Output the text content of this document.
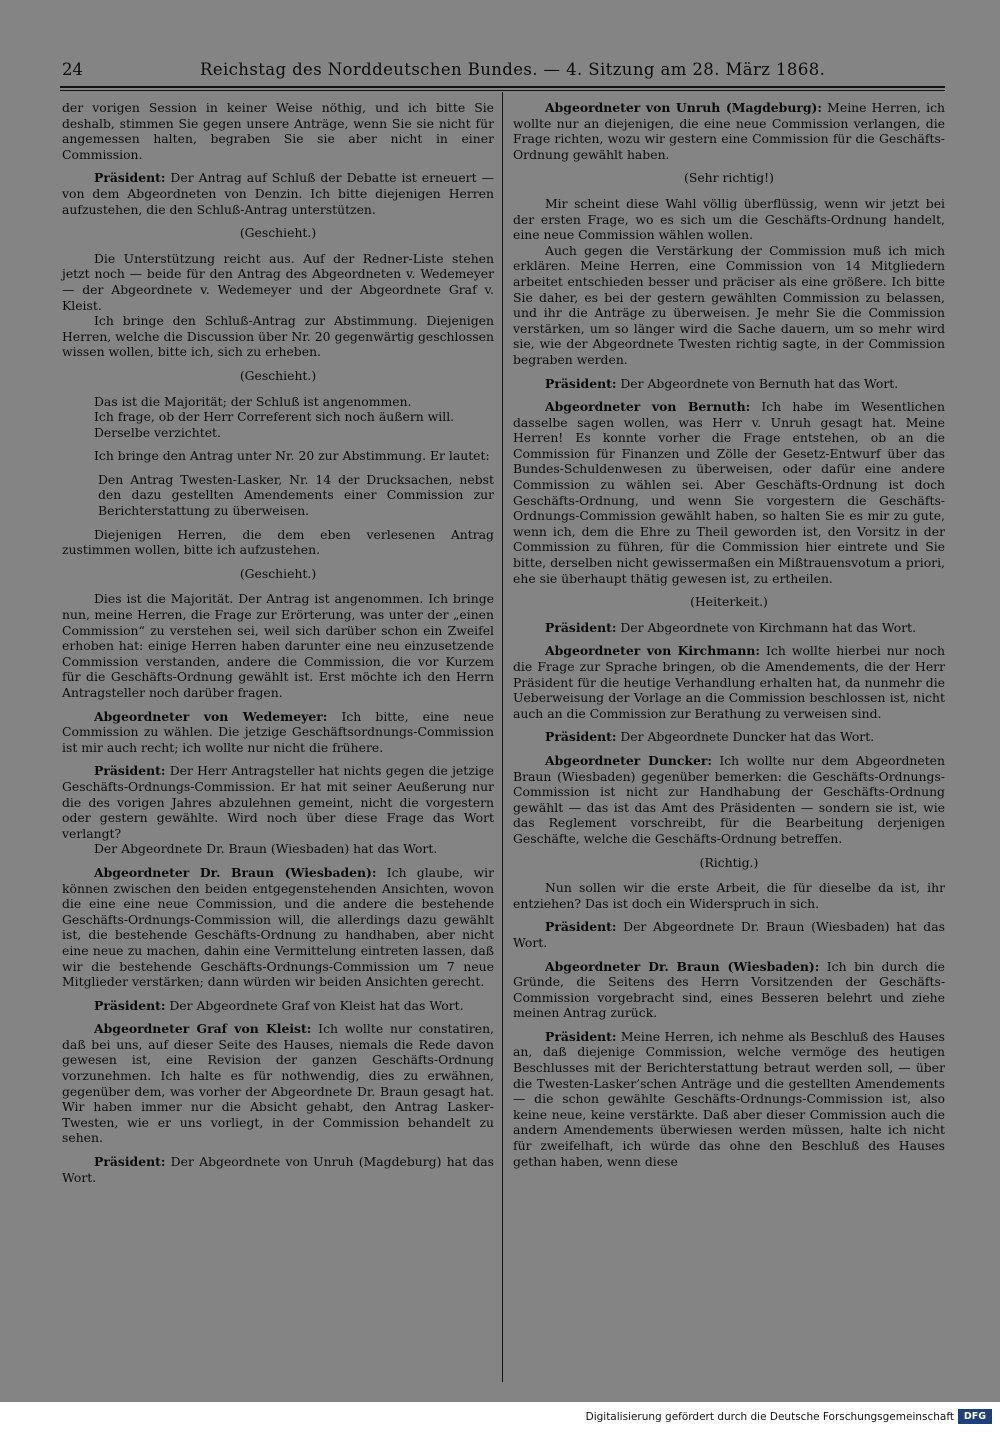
24	Reichstag des Norddeutschen Bundes. — 4. Sitzung am 28. März 1868.

der vorigen Session in keiner Weise nöthig, und ich bitte Sie deshalb, stimmen Sie gegen unsere Anträge, wenn Sie sie nicht für angemessen halten, begraben Sie sie aber nicht in einer Commission.

Präsident: Der Antrag auf Schluß der Debatte ist erneuert — von dem Abgeordneten von Denzin. Ich bitte diejenigen Herren aufzustehen, die den Schluß-Antrag unterstützen.

(Geschieht.)

Die Unterstützung reicht aus. Auf der Redner-Liste stehen jetzt noch — beide für den Antrag des Abgeordneten v. Wedemeyer — der Abgeordnete v. Wedemeyer und der Abgeordnete Graf v. Kleist.

Ich bringe den Schluß-Antrag zur Abstimmung. Diejenigen Herren, welche die Discussion über Nr. 20 gegenwärtig geschlossen wissen wollen, bitte ich, sich zu erheben.

(Geschieht.)

Das ist die Majorität; der Schluß ist angenommen.

Ich frage, ob der Herr Correferent sich noch äußern will.

Derselbe verzichtet.

Ich bringe den Antrag unter Nr. 20 zur Abstimmung. Er lautet:

Den Antrag Twesten-Lasker, Nr. 14 der Drucksachen, nebst den dazu gestellten Amendements einer Commission zur Berichterstattung zu überweisen.

Diejenigen Herren, die dem eben verlesenen Antrag zustimmen wollen, bitte ich aufzustehen.

(Geschieht.)

Dies ist die Majorität. Der Antrag ist angenommen. Ich bringe nun, meine Herren, die Frage zur Erörterung, was unter der „einen Commission“ zu verstehen sei, weil sich darüber schon ein Zweifel erhoben hat: einige Herren haben darunter eine neu einzusetzende Commission verstanden, andere die Commission, die vor Kurzem für die Geschäfts-Ordnung gewählt ist. Erst möchte ich den Herrn Antragsteller noch darüber fragen.

Abgeordneter von Wedemeyer: Ich bitte, eine neue Commission zu wählen. Die jetzige Geschäftsordnungs-Commission ist mir auch recht; ich wollte nur nicht die frühere.

Präsident: Der Herr Antragsteller hat nichts gegen die jetzige Geschäfts-Ordnungs-Commission. Er hat mit seiner Aeußerung nur die des vorigen Jahres abzulehnen gemeint, nicht die vorgestern oder gestern gewählte. Wird noch über diese Frage das Wort verlangt?

Der Abgeordnete Dr. Braun (Wiesbaden) hat das Wort.

Abgeordneter Dr. Braun (Wiesbaden): Ich glaube, wir können zwischen den beiden entgegenstehenden Ansichten, wovon die eine eine neue Commission, und die andere die bestehende Geschäfts-Ordnungs-Commission will, die allerdings dazu gewählt ist, die bestehende Geschäfts-Ordnung zu handhaben, aber nicht eine neue zu machen, dahin eine Vermittelung eintreten lassen, daß wir die bestehende Geschäfts-Ordnungs-Commission um 7 neue Mitglieder verstärken; dann würden wir beiden Ansichten gerecht.

Präsident: Der Abgeordnete Graf von Kleist hat das Wort.

Abgeordneter Graf von Kleist: Ich wollte nur constatiren, daß bei uns, auf dieser Seite des Hauses, niemals die Rede davon gewesen ist, eine Revision der ganzen Geschäfts-Ordnung vorzunehmen. Ich halte es für nothwendig, dies zu erwähnen, gegenüber dem, was vorher der Abgeordnete Dr. Braun gesagt hat. Wir haben immer nur die Absicht gehabt, den Antrag Lasker-Twesten, wie er uns vorliegt, in der Commission behandelt zu sehen.

Präsident: Der Abgeordnete von Unruh (Magdeburg) hat das Wort.

Abgeordneter von Unruh (Magdeburg): Meine Herren, ich wollte nur an diejenigen, die eine neue Commission verlangen, die Frage richten, wozu wir gestern eine Commission für die Geschäfts-Ordnung gewählt haben.

(Sehr richtig!)

Mir scheint diese Wahl völlig überflüssig, wenn wir jetzt bei der ersten Frage, wo es sich um die Geschäfts-Ordnung handelt, eine neue Commission wählen wollen.

Auch gegen die Verstärkung der Commission muß ich mich erklären. Meine Herren, eine Commission von 14 Mitgliedern arbeitet entschieden besser und präciser als eine größere. Ich bitte Sie daher, es bei der gestern gewählten Commission zu belassen, und ihr die Anträge zu überweisen. Je mehr Sie die Commission verstärken, um so länger wird die Sache dauern, um so mehr wird sie, wie der Abgeordnete Twesten richtig sagte, in der Commission begraben werden.

Präsident: Der Abgeordnete von Bernuth hat das Wort.

Abgeordneter von Bernuth: Ich habe im Wesentlichen dasselbe sagen wollen, was Herr v. Unruh gesagt hat. Meine Herren! Es konnte vorher die Frage entstehen, ob an die Commission für Finanzen und Zölle der Gesetz-Entwurf über das Bundes-Schuldenwesen zu überweisen, oder dafür eine andere Commission zu wählen sei. Aber Geschäfts-Ordnung ist doch Geschäfts-Ordnung, und wenn Sie vorgestern die Geschäfts-Ordnungs-Commission gewählt haben, so halten Sie es mir zu gute, wenn ich, dem die Ehre zu Theil geworden ist, den Vorsitz in der Commission zu führen, für die Commission hier eintrete und Sie bitte, derselben nicht gewissermaßen ein Mißtrauensvotum a priori, ehe sie überhaupt thätig gewesen ist, zu ertheilen.

(Heiterkeit.)

Präsident: Der Abgeordnete von Kirchmann hat das Wort.

Abgeordneter von Kirchmann: Ich wollte hierbei nur noch die Frage zur Sprache bringen, ob die Amendements, die der Herr Präsident für die heutige Verhandlung erhalten hat, da nunmehr die Ueberweisung der Vorlage an die Commission beschlossen ist, nicht auch an die Commission zur Berathung zu verweisen sind.

Präsident: Der Abgeordnete Duncker hat das Wort.

Abgeordneter Duncker: Ich wollte nur dem Abgeordneten Braun (Wiesbaden) gegenüber bemerken: die Geschäfts-Ordnungs-Commission ist nicht zur Handhabung der Geschäfts-Ordnung gewählt — das ist das Amt des Präsidenten — sondern sie ist, wie das Reglement vorschreibt, für die Bearbeitung derjenigen Geschäfte, welche die Geschäfts-Ordnung betreffen.

(Richtig.)

Nun sollen wir die erste Arbeit, die für dieselbe da ist, ihr entziehen? Das ist doch ein Widerspruch in sich.

Präsident: Der Abgeordnete Dr. Braun (Wiesbaden) hat das Wort.

Abgeordneter Dr. Braun (Wiesbaden): Ich bin durch die Gründe, die Seitens des Herrn Vorsitzenden der Geschäfts-Commission vorgebracht sind, eines Besseren belehrt und ziehe meinen Antrag zurück.

Präsident: Meine Herren, ich nehme als Beschluß des Hauses an, daß diejenige Commission, welche vermöge des heutigen Beschlusses mit der Berichterstattung betraut werden soll, — über die Twesten-Lasker’schen Anträge und die gestellten Amendements — die schon gewählte Geschäfts-Ordnungs-Commission ist, also keine neue, keine verstärkte. Daß aber dieser Commission auch die andern Amendements überwiesen werden müssen, halte ich nicht für zweifelhaft, ich würde das ohne den Beschluß des Hauses gethan haben, wenn diese

Digitalisierung gefördert durch die Deutsche Forschungsgemeinschaft	DFG
